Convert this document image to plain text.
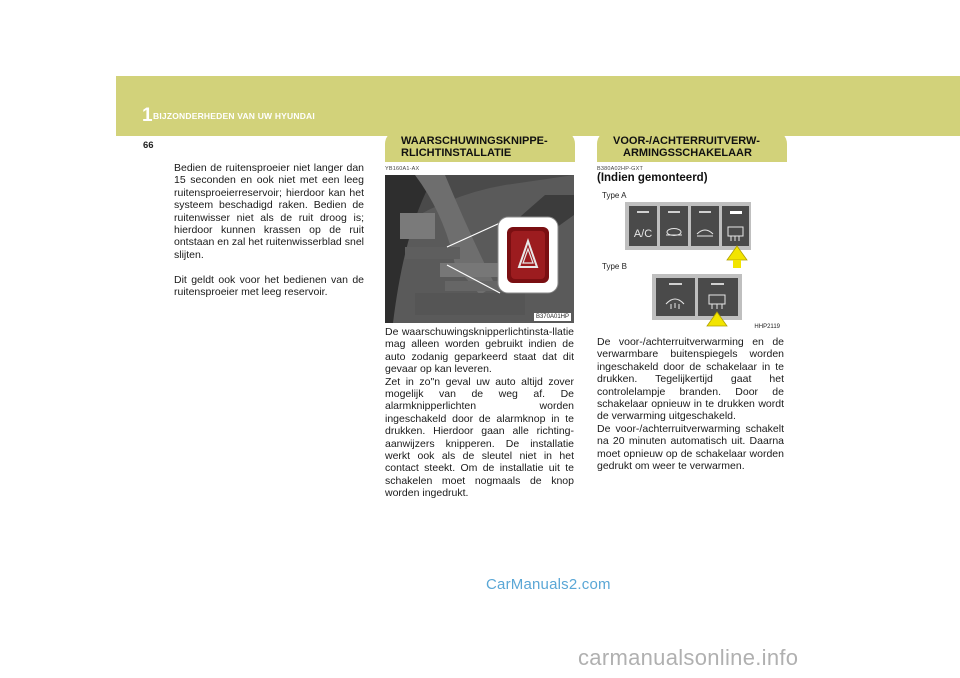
1 BIJZONDERHEDEN VAN UW HYUNDAI
66

Bedien de ruitensproeier niet langer dan 15 seconden en ook niet met een leeg ruitensproeierreservoir; hierdoor kan het systeem beschadigd raken. Bedien de ruitenwisser niet als de ruit droog is; hierdoor kunnen krassen op de ruit ontstaan en zal het ruitenwisserblad snel slijten.

Dit geldt ook voor het bedienen van de ruitensproeier met leeg reservoir.

WAARSCHUWINGSKNIPPE-
RLICHTINSTALLATIE
YB160A1-AX
B370A01HP

De waarschuwingsknipperlichtinsta-llatie mag alleen worden gebruikt indien de auto zodanig geparkeerd staat dat dit gevaar op kan leveren.
Zet in zo"n geval uw auto altijd zover mogelijk van de weg af. De alarmknipperlichten worden ingeschakeld door de alarmknop in te drukken. Hierdoor gaan alle richting-aanwijzers knipperen. De installatie werkt ook als de sleutel niet in het contact steekt. Om de installatie uit te schakelen moet nogmaals de knop worden ingedrukt.

VOOR-/ACHTERRUITVERW-
ARMINGSSCHAKELAAR
B380A02HP-GXT
(Indien gemonteerd)
Type A
Type B
A/C
HHP2119

De voor-/achterruitverwarming en de verwarmbare buitenspiegels worden ingeschakeld door de schakelaar in te drukken. Tegelijkertijd gaat het controlelampje branden. Door de schakelaar opnieuw in te drukken wordt de verwarming uitgeschakeld.
De voor-/achterruitverwarming schakelt na 20 minuten automatisch uit. Daarna moet opnieuw op de schakelaar worden gedrukt om weer te verwarmen.

CarManuals2.com
carmanualsonline.info
